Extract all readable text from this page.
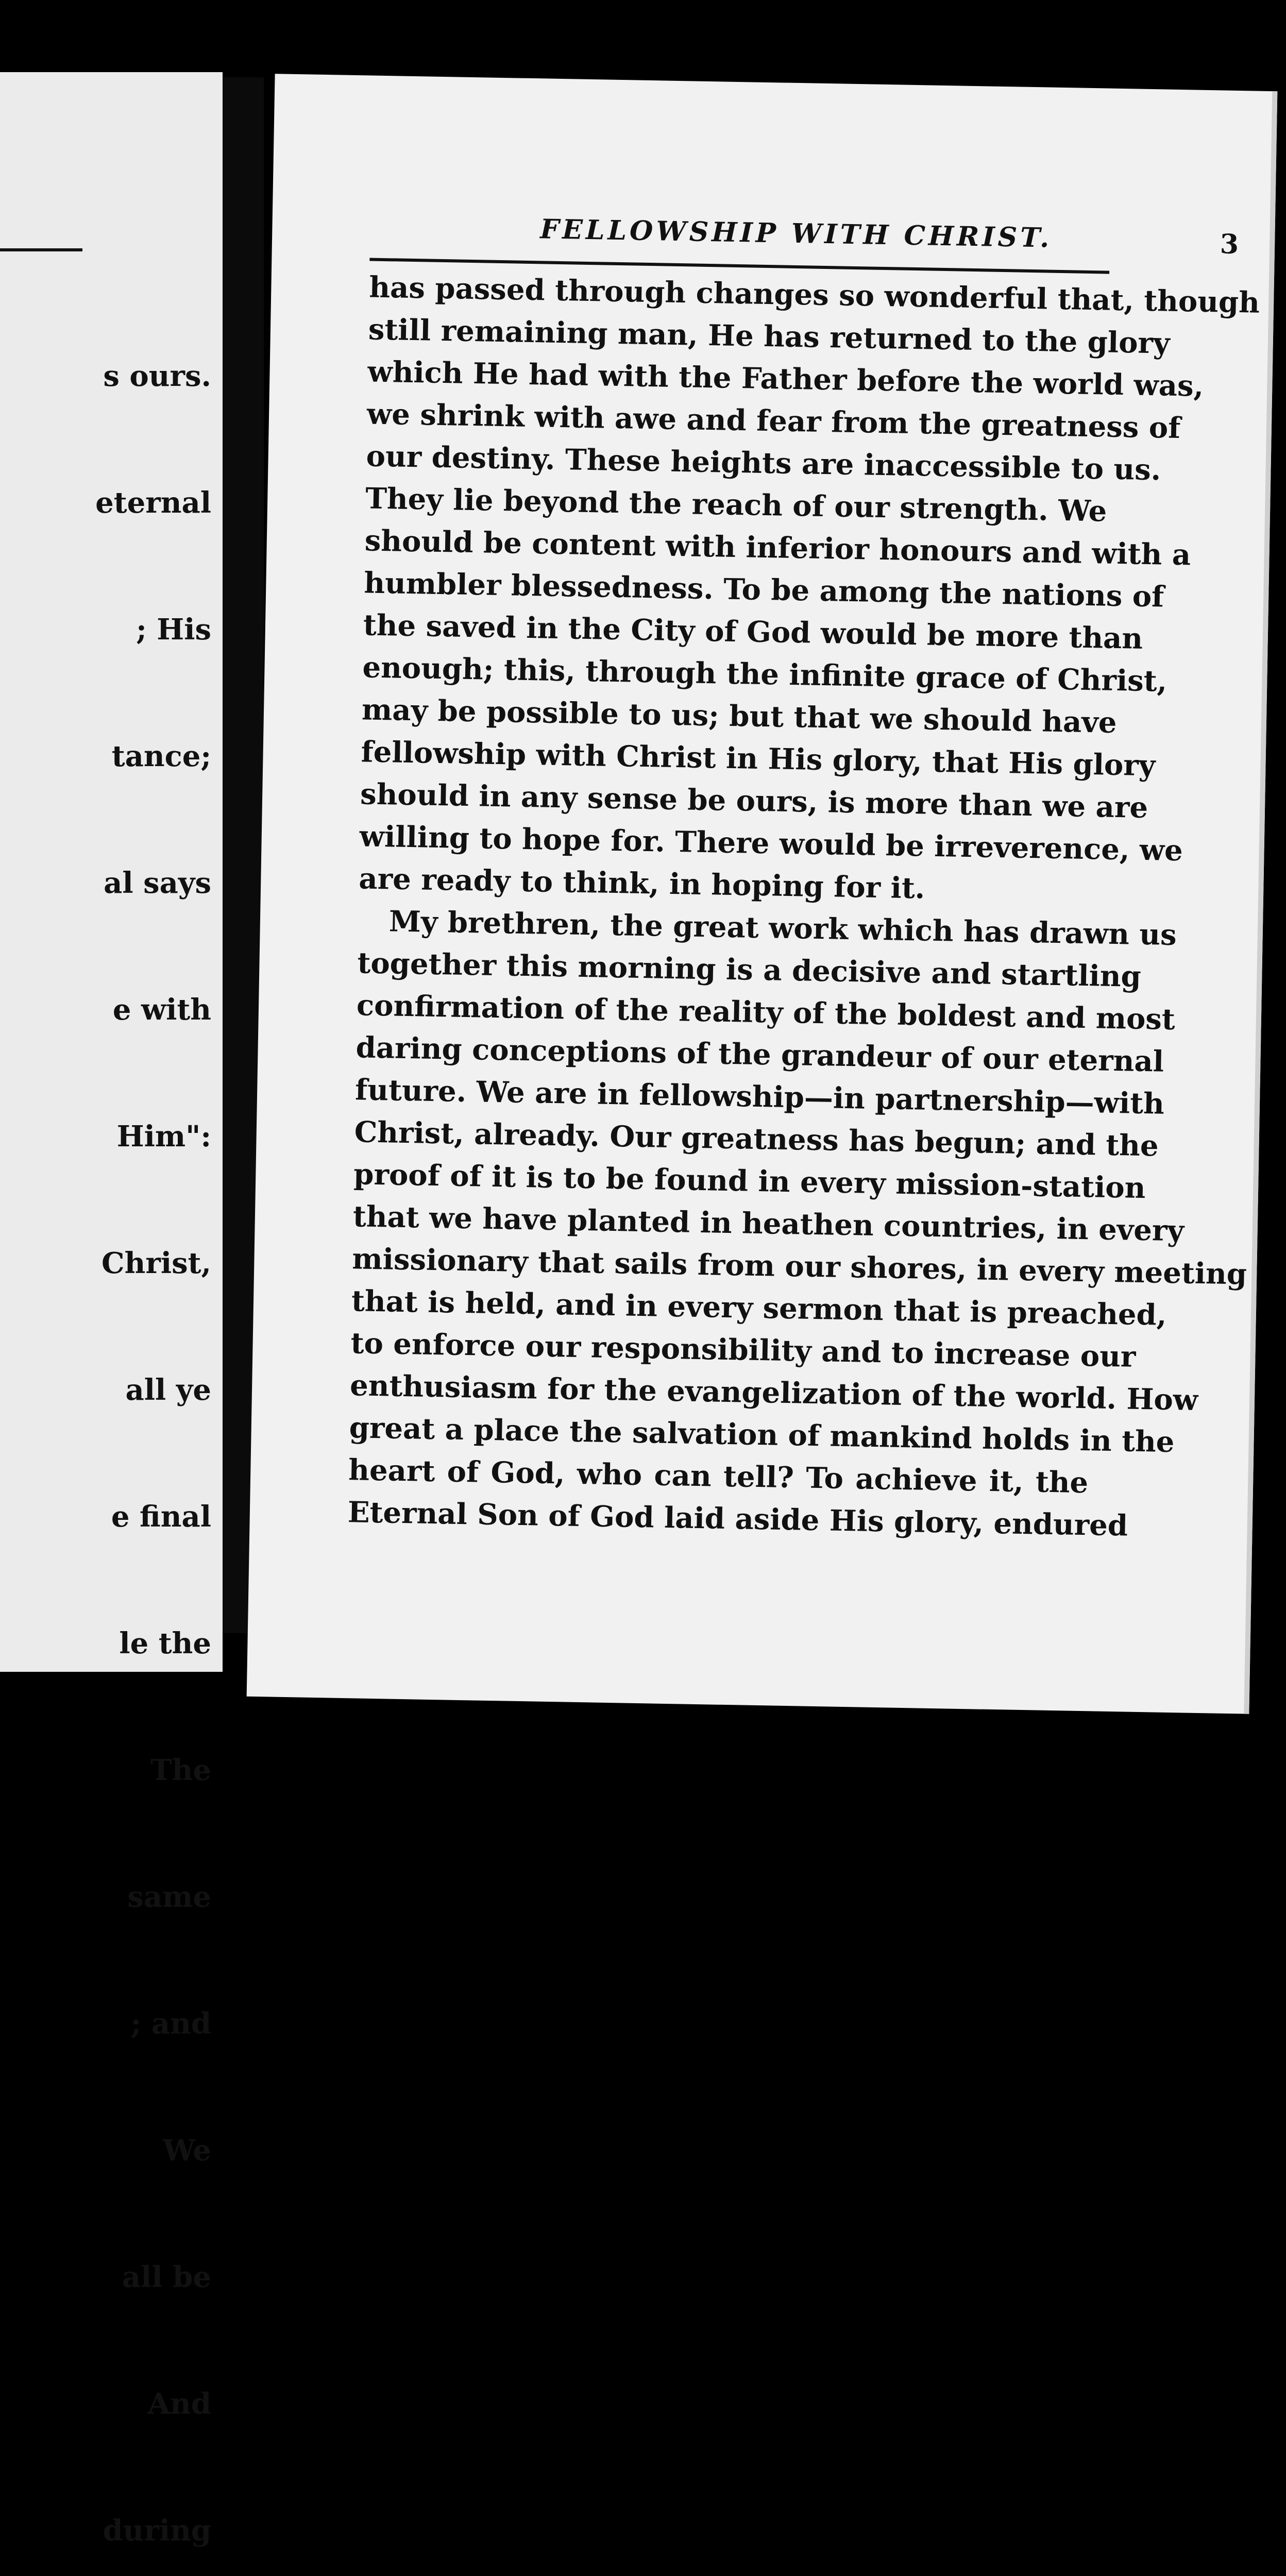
s ours.

eternal

; His

tance;

al says

e with

Him":

Christ,

all ye

e final

le the

The

same

; and

We

all be

And

during

FELLOWSHIP WITH CHRIST.	3
has passed through changes so wonderful that, though
still remaining man, He has returned to the glory
which He had with the Father before the world was,
we shrink with awe and fear from the greatness of
our destiny. These heights are inaccessible to us.
They lie beyond the reach of our strength. We
should be content with inferior honours and with a
humbler blessedness. To be among the nations of
the saved in the City of God would be more than
enough; this, through the infinite grace of Christ,
may be possible to us; but that we should have
fellowship with Christ in His glory, that His glory
should in any sense be ours, is more than we are
willing to hope for. There would be irreverence, we
are ready to think, in hoping for it.
My brethren, the great work which has drawn us
together this morning is a decisive and startling
confirmation of the reality of the boldest and most
daring conceptions of the grandeur of our eternal
future. We are in fellowship—in partnership—with
Christ, already. Our greatness has begun; and the
proof of it is to be found in every mission-station
that we have planted in heathen countries, in every
missionary that sails from our shores, in every meeting
that is held, and in every sermon that is preached,
to enforce our responsibility and to increase our
enthusiasm for the evangelization of the world. How
great a place the salvation of mankind holds in the
heart of God, who can tell? To achieve it, the
Eternal Son of God laid aside His glory, endured
